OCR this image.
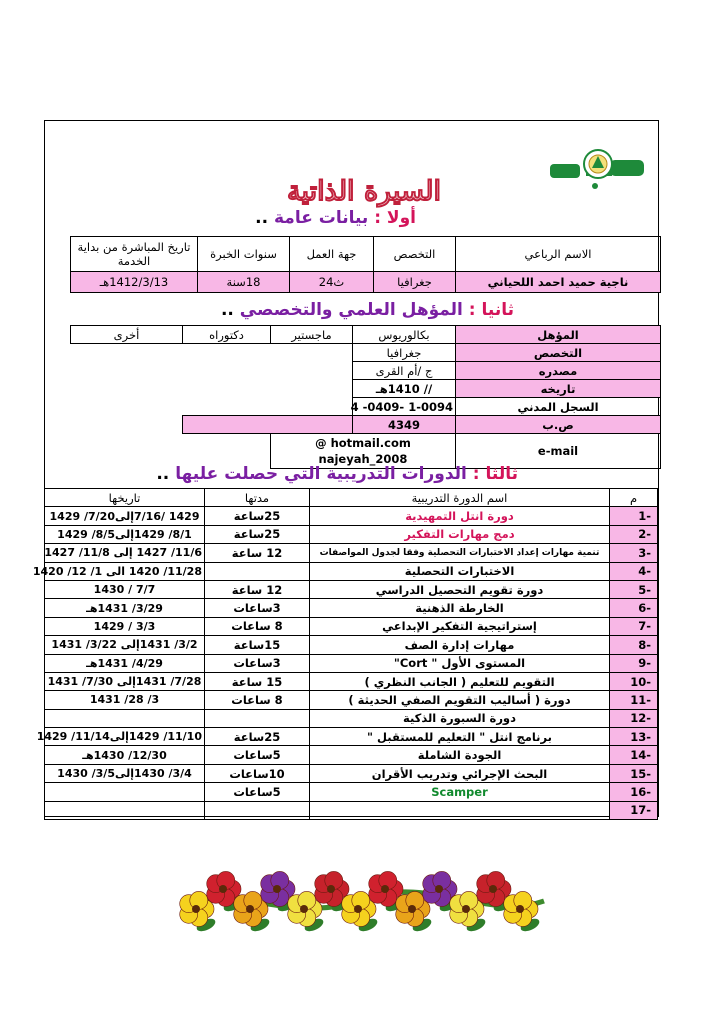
السيرة الذاتية
أولا : بيانات عامة ..
الاسم الرباعي	التخصص	جهة العمل	سنوات الخبرة	تاريخ المباشرة من بداية الخدمة
ناجية حميد احمد اللحياني	جغرافيا	ث24	18سنة	1412/3/13هـ
ثانيا : المؤهل العلمي والتخصصي ..
المؤهل	بكالوريوس	ماجستير	دكتوراه	أخرى
التخصص	جغرافيا			
مصدره	ج /أم القرى			
تاريخه	// 1410هـ			
السجل المدني	1-0094 -0409- 4			
ص.ب	4349			
e-mail	@ hotmail.com
najeyah_2008			

ثالثا : الدورات التدريبية التي حصلت عليها ..
م	اسم الدورة التدريبية	مدتها	تاريخها
-1	دورة انتل التمهيدية	25ساعة	1429 /7/16إلى7/20/ 1429
-2	دمج مهارات التفكير	25ساعة	8/1/ 1429إلى8/5/ 1429
-3	تنمية مهارات إعداد الاختبارات التحصلية وفقا لجدول المواصفات	12 ساعة	11/6/ 1427 إلى 11/8/ 1427
-4	الاختبارات التحصلية		11/28/ 1420 الى 1/ 12/ 1420
-5	دورة تقويم التحصيل الدراسي	12 ساعة	7/7 / 1430
-6	الخارطة الذهنية	3ساعات	3/29/ 1431هـ
-7	إستراتيجية التفكير الإبداعي	8 ساعات	3/3 / 1429
-8	مهارات إدارة الصف	15ساعة	3/2/ 1431إلى 3/22/ 1431
-9	المستوى الأول " Cort"	3ساعات	4/29/ 1431هـ
-10	التقويم للتعليم ( الجانب النظري )	15 ساعة	7/28/ 1431إلى 7/30/ 1431
-11	دورة ( أساليب التقويم الصفي الحديثة )	8 ساعات	3/ 28/ 1431
-12	دورة السبورة الذكية		
-13	برنامج انتل " التعليم للمستقبل "	25ساعة	11/10/ 1429إلى11/14/ 1429
-14	الجودة الشاملة	5ساعات	12/30/ 1430هـ
-15	البحث الإجرائي وتدريب الأقران	10ساعات	3/4/ 1430إلى3/5/ 1430
-16	Scamper	5ساعات	
-17			
